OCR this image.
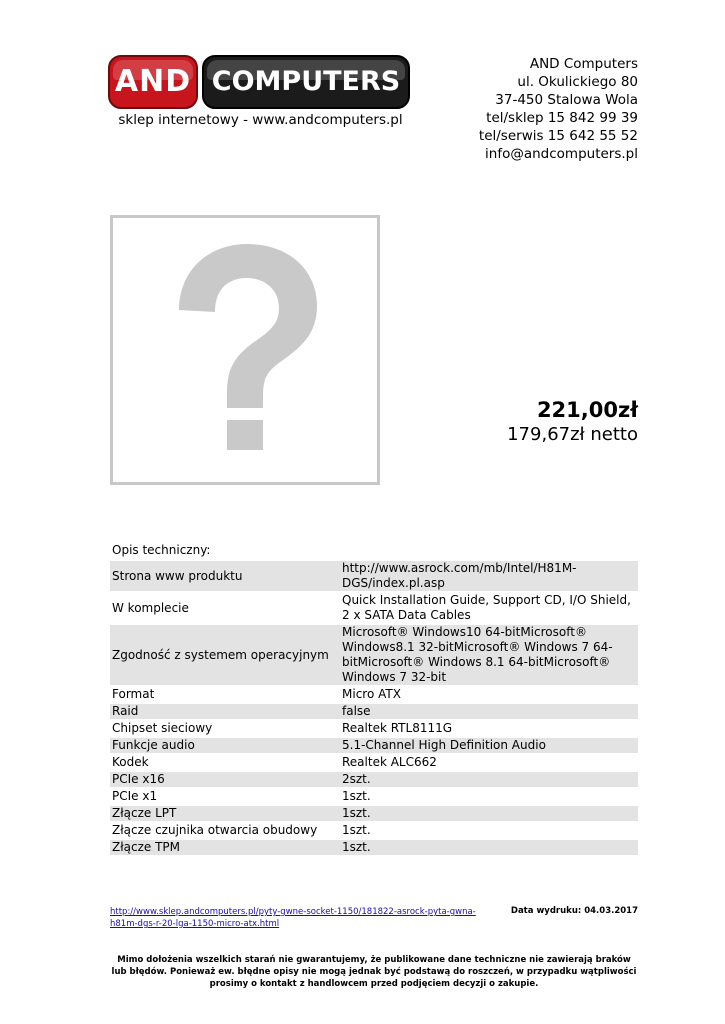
AND COMPUTERS
sklep internetowy - www.andcomputers.pl
AND Computers
ul. Okulickiego 80
37-450 Stalowa Wola
tel/sklep 15 842 99 39
tel/serwis 15 642 55 52
info@andcomputers.pl
221,00zł
179,67zł netto
Opis techniczny:
Strona www produktu	http://www.asrock.com/mb/Intel/H81M-DGS/index.pl.asp
W komplecie	Quick Installation Guide, Support CD, I/O Shield, 2 x SATA Data Cables
Zgodność z systemem operacyjnym	Microsoft® Windows10 64-bitMicrosoft® Windows8.1 32-bitMicrosoft® Windows 7 64-bitMicrosoft® Windows 8.1 64-bitMicrosoft® Windows 7 32-bit
Format	Micro ATX
Raid	false
Chipset sieciowy	Realtek RTL8111G
Funkcje audio	5.1-Channel High Definition Audio
Kodek	Realtek ALC662
PCIe x16	2szt.
PCIe x1	1szt.
Złącze LPT	1szt.
Złącze czujnika otwarcia obudowy	1szt.
Złącze TPM	1szt.
http://www.sklep.andcomputers.pl/pyty-gwne-socket-1150/181822-asrock-pyta-gwna-h81m-dgs-r-20-lga-1150-micro-atx.html
Data wydruku: 04.03.2017
Mimo dołożenia wszelkich starań nie gwarantujemy, że publikowane dane techniczne nie zawierają braków lub błędów. Ponieważ ew. błędne opisy nie mogą jednak być podstawą do roszczeń, w przypadku wątpliwości prosimy o kontakt z handlowcem przed podjęciem decyzji o zakupie.
